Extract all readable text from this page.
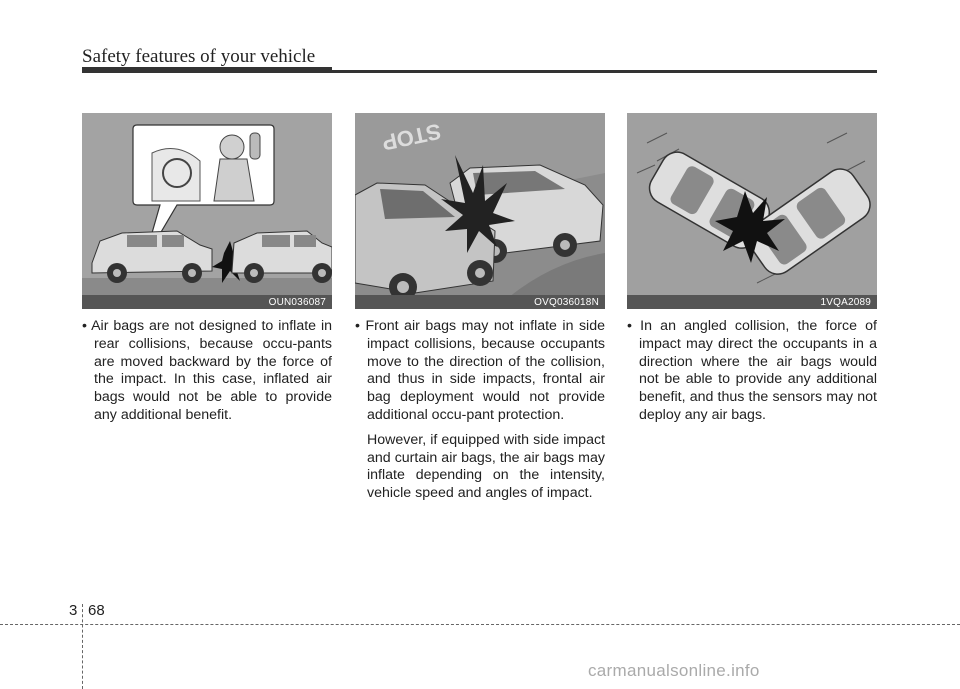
Safety features of your vehicle
OUN036087
STOP
OVQ036018N	1VQA2089

• Air bags are not designed to inflate in rear collisions, because occu-pants are moved backward by the force of the impact. In this case, inflated air bags would not be able to provide any additional benefit.

• Front air bags may not inflate in side impact collisions, because occupants move to the direction of the collision, and thus in side impacts, frontal air bag deployment would not provide additional occu-pant protection.

However, if equipped with side impact and curtain air bags, the air bags may inflate depending on the intensity, vehicle speed and angles of impact.

• In an angled collision, the force of impact may direct the occupants in a direction where the air bags would not be able to provide any additional benefit, and thus the sensors may not deploy any air bags.

3 68
carmanualsonline.info
